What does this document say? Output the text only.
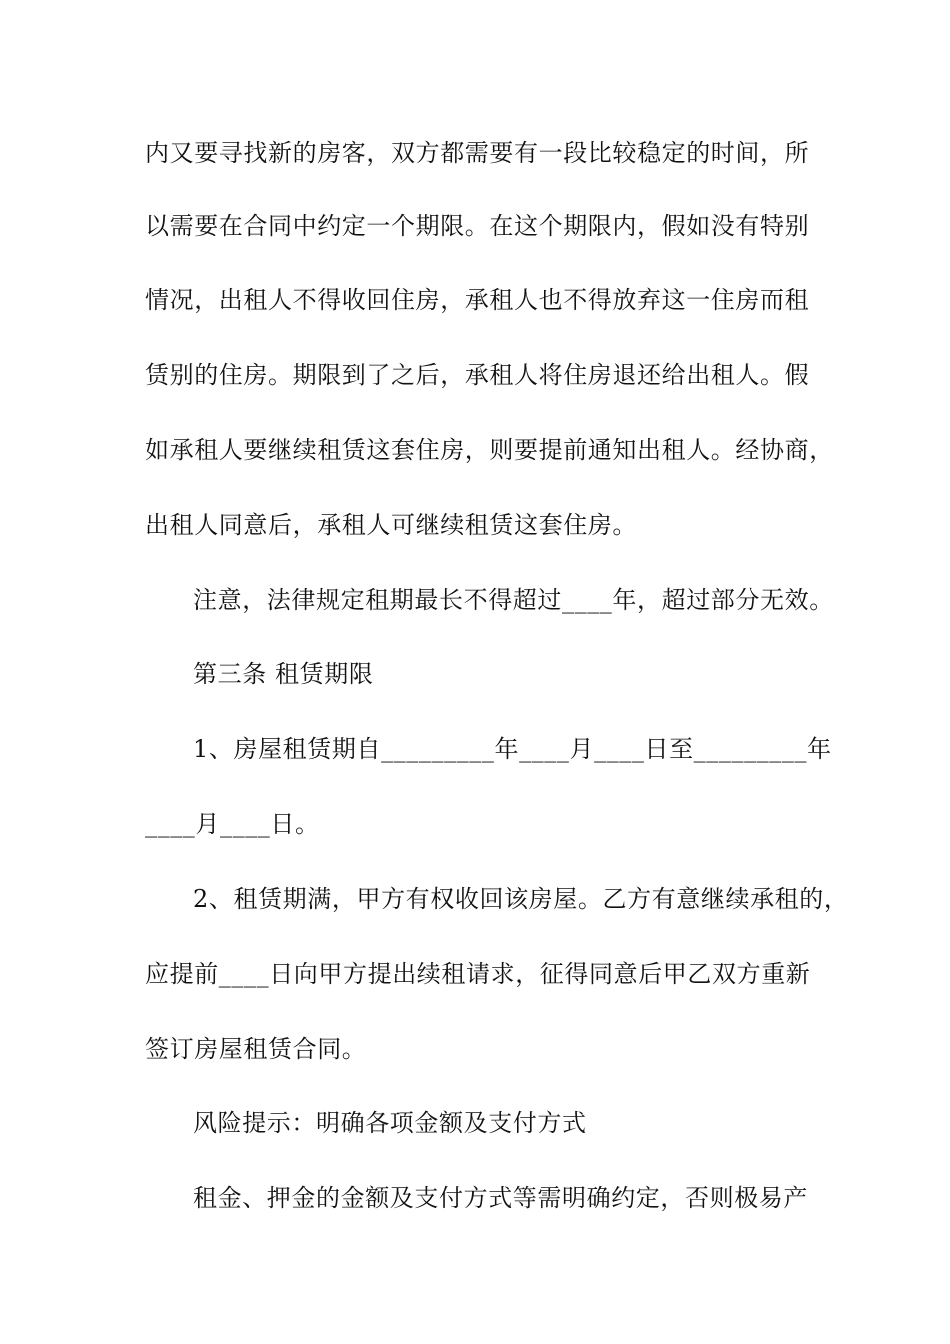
内又要寻找新的房客，双方都需要有一段比较稳定的时间，所
以需要在合同中约定一个期限。在这个期限内，假如没有特别
情况，出租人不得收回住房，承租人也不得放弃这一住房而租
赁别的住房。期限到了之后，承租人将住房退还给出租人。假
如承租人要继续租赁这套住房，则要提前通知出租人。经协商，
出租人同意后，承租人可继续租赁这套住房。
注意，法律规定租期最长不得超过____年，超过部分无效。
第三条 租赁期限
1、房屋租赁期自_________年____月____日至_________年
____月____日。
2、租赁期满，甲方有权收回该房屋。乙方有意继续承租的，
应提前____日向甲方提出续租请求，征得同意后甲乙双方重新
签订房屋租赁合同。
风险提示：明确各项金额及支付方式
租金、押金的金额及支付方式等需明确约定，否则极易产
